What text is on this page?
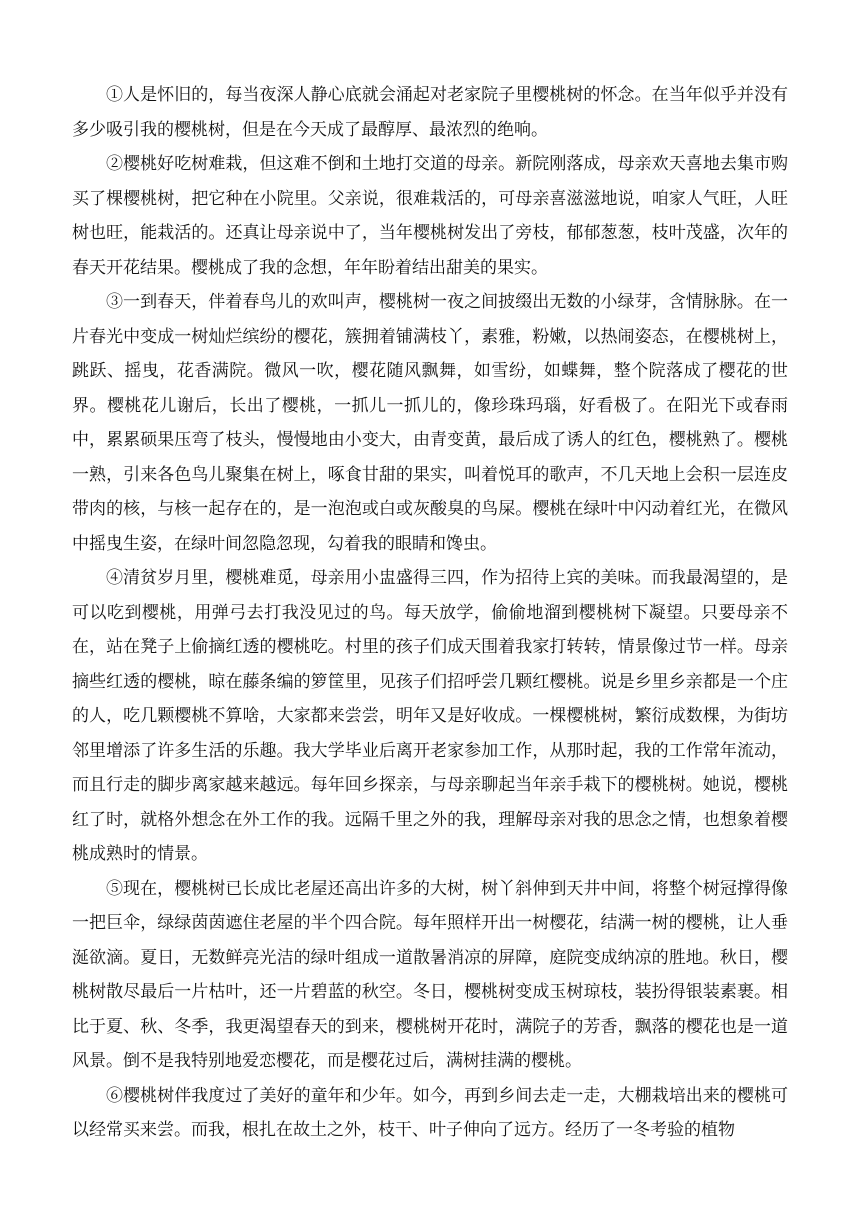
①人是怀旧的，每当夜深人静心底就会涌起对老家院子里樱桃树的怀念。在当年似乎并没有多少吸引我的樱桃树，但是在今天成了最醇厚、最浓烈的绝响。

②樱桃好吃树难栽，但这难不倒和土地打交道的母亲。新院刚落成，母亲欢天喜地去集市购买了棵樱桃树，把它种在小院里。父亲说，很难栽活的，可母亲喜滋滋地说，咱家人气旺，人旺树也旺，能栽活的。还真让母亲说中了，当年樱桃树发出了旁枝，郁郁葱葱，枝叶茂盛，次年的春天开花结果。樱桃成了我的念想，年年盼着结出甜美的果实。

③一到春天，伴着春鸟儿的欢叫声，樱桃树一夜之间披缀出无数的小绿芽，含情脉脉。在一片春光中变成一树灿烂缤纷的樱花，簇拥着铺满枝丫，素雅，粉嫩，以热闹姿态，在樱桃树上，跳跃、摇曳，花香满院。微风一吹，樱花随风飘舞，如雪纷，如蝶舞，整个院落成了樱花的世界。樱桃花儿谢后，长出了樱桃，一抓儿一抓儿的，像珍珠玛瑙，好看极了。在阳光下或春雨中，累累硕果压弯了枝头，慢慢地由小变大，由青变黄，最后成了诱人的红色，樱桃熟了。樱桃一熟，引来各色鸟儿聚集在树上，啄食甘甜的果实，叫着悦耳的歌声，不几天地上会积一层连皮带肉的核，与核一起存在的，是一泡泡或白或灰酸臭的鸟屎。樱桃在绿叶中闪动着红光，在微风中摇曳生姿，在绿叶间忽隐忽现，勾着我的眼睛和馋虫。

④清贫岁月里，樱桃难觅，母亲用小盅盛得三四，作为招待上宾的美味。而我最渴望的，是可以吃到樱桃，用弹弓去打我没见过的鸟。每天放学，偷偷地溜到樱桃树下凝望。只要母亲不在，站在凳子上偷摘红透的樱桃吃。村里的孩子们成天围着我家打转转，情景像过节一样。母亲摘些红透的樱桃，晾在藤条编的箩筐里，见孩子们招呼尝几颗红樱桃。说是乡里乡亲都是一个庄的人，吃几颗樱桃不算啥，大家都来尝尝，明年又是好收成。一棵樱桃树，繁衍成数棵，为街坊邻里增添了许多生活的乐趣。我大学毕业后离开老家参加工作，从那时起，我的工作常年流动，而且行走的脚步离家越来越远。每年回乡探亲，与母亲聊起当年亲手栽下的樱桃树。她说，樱桃红了时，就格外想念在外工作的我。远隔千里之外的我，理解母亲对我的思念之情，也想象着樱桃成熟时的情景。

⑤现在，樱桃树已长成比老屋还高出许多的大树，树丫斜伸到天井中间，将整个树冠撑得像一把巨伞，绿绿茵茵遮住老屋的半个四合院。每年照样开出一树樱花，结满一树的樱桃，让人垂涎欲滴。夏日，无数鲜亮光洁的绿叶组成一道散暑消凉的屏障，庭院变成纳凉的胜地。秋日，樱桃树散尽最后一片枯叶，还一片碧蓝的秋空。冬日，樱桃树变成玉树琼枝，装扮得银装素裹。相比于夏、秋、冬季，我更渴望春天的到来，樱桃树开花时，满院子的芳香，飘落的樱花也是一道风景。倒不是我特别地爱恋樱花，而是樱花过后，满树挂满的樱桃。

⑥樱桃树伴我度过了美好的童年和少年。如今，再到乡间去走一走，大棚栽培出来的樱桃可以经常买来尝。而我，根扎在故土之外，枝干、叶子伸向了远方。经历了一冬考验的植物
